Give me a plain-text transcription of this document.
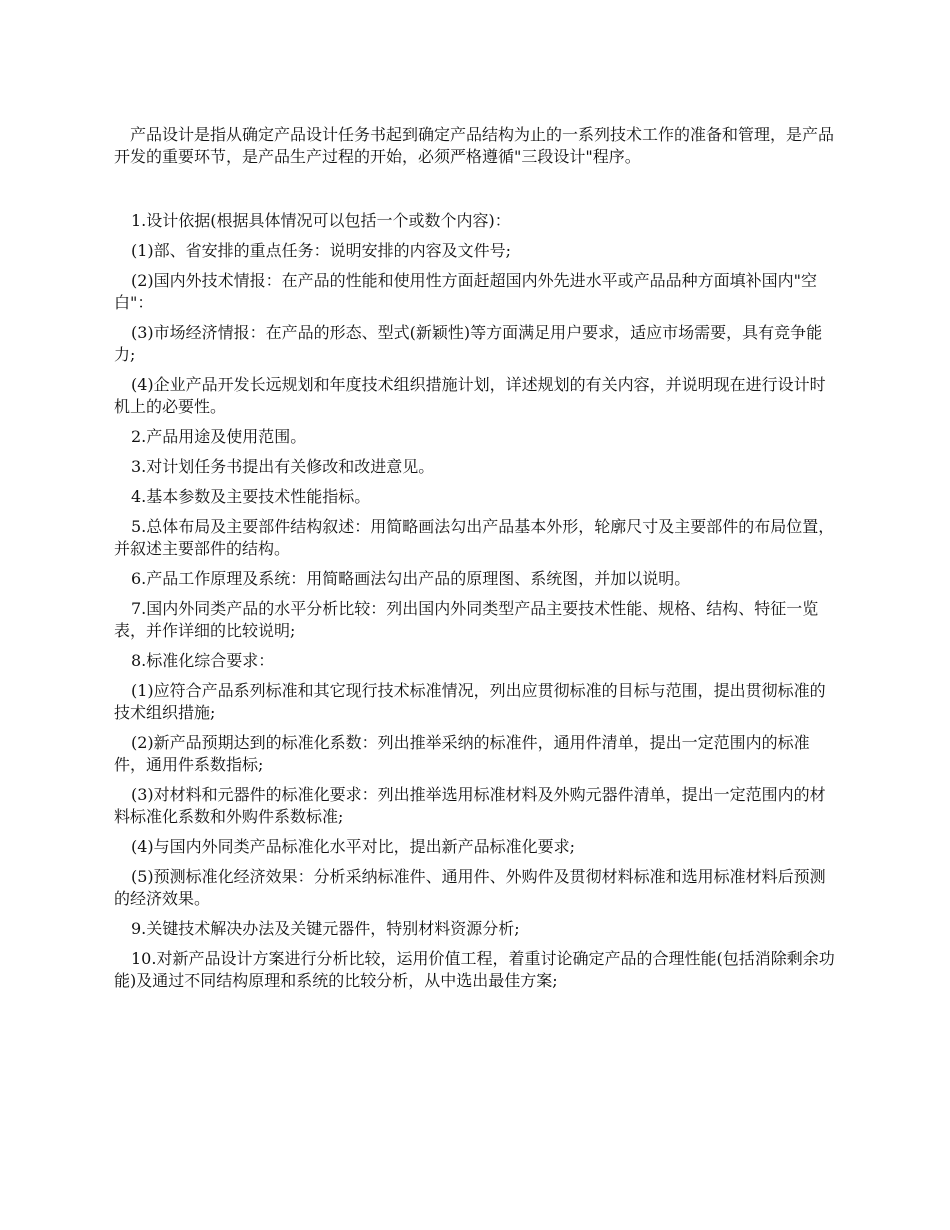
产品设计是指从确定产品设计任务书起到确定产品结构为止的一系列技术工作的准备和管理，是产品开发的重要环节，是产品生产过程的开始，必须严格遵循"三段设计"程序。

1.设计依据(根据具体情况可以包括一个或数个内容)：

(1)部、省安排的重点任务：说明安排的内容及文件号;

(2)国内外技术情报：在产品的性能和使用性方面赶超国内外先进水平或产品品种方面填补国内"空白"：

(3)市场经济情报：在产品的形态、型式(新颖性)等方面满足用户要求，适应市场需要，具有竞争能力;

(4)企业产品开发长远规划和年度技术组织措施计划，详述规划的有关内容，并说明现在进行设计时机上的必要性。

2.产品用途及使用范围。

3.对计划任务书提出有关修改和改进意见。

4.基本参数及主要技术性能指标。

5.总体布局及主要部件结构叙述：用简略画法勾出产品基本外形，轮廓尺寸及主要部件的布局位置，并叙述主要部件的结构。

6.产品工作原理及系统：用简略画法勾出产品的原理图、系统图，并加以说明。

7.国内外同类产品的水平分析比较：列出国内外同类型产品主要技术性能、规格、结构、特征一览表，并作详细的比较说明;

8.标准化综合要求：

(1)应符合产品系列标准和其它现行技术标准情况，列出应贯彻标准的目标与范围，提出贯彻标准的技术组织措施;

(2)新产品预期达到的标准化系数：列出推举采纳的标准件，通用件清单，提出一定范围内的标准件，通用件系数指标;

(3)对材料和元器件的标准化要求：列出推举选用标准材料及外购元器件清单，提出一定范围内的材料标准化系数和外购件系数标准;

(4)与国内外同类产品标准化水平对比，提出新产品标准化要求;

(5)预测标准化经济效果：分析采纳标准件、通用件、外购件及贯彻材料标准和选用标准材料后预测的经济效果。

9.关键技术解决办法及关键元器件，特别材料资源分析;

10.对新产品设计方案进行分析比较，运用价值工程，着重讨论确定产品的合理性能(包括消除剩余功能)及通过不同结构原理和系统的比较分析，从中选出最佳方案;
